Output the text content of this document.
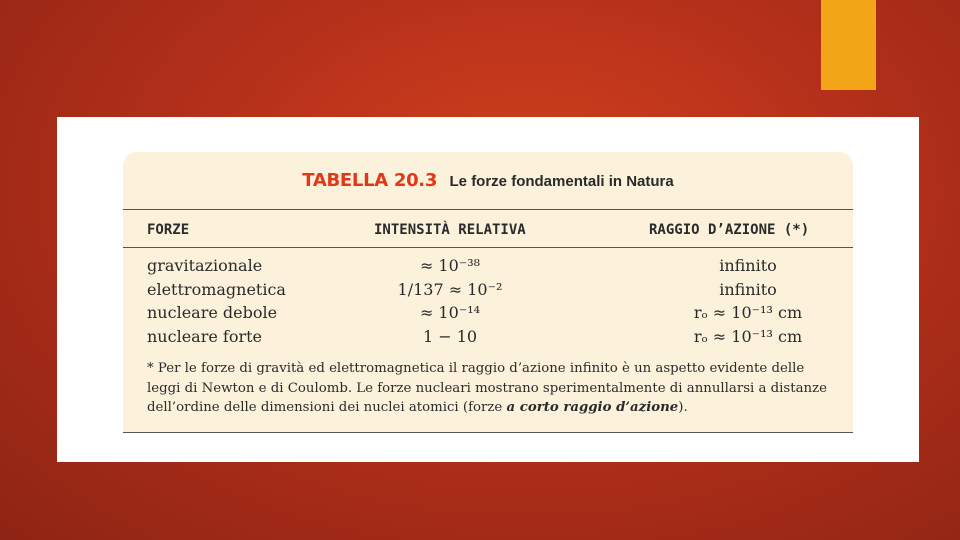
TABELLA 20.3 Le forze fondamentali in Natura
FORZE	INTENSITÀ RELATIVA	RAGGIO D’AZIONE (*)
gravitazionale	≈ 10⁻³⁸	infinito
elettromagnetica	1/137 ≈ 10⁻²	infinito
nucleare debole	≈ 10⁻¹⁴	rₒ ≈ 10⁻¹³ cm
nucleare forte	1 − 10	rₒ ≈ 10⁻¹³ cm
* Per le forze di gravità ed elettromagnetica il raggio d’azione infinito è un aspetto evidente delle leggi di Newton e di Coulomb. Le forze nucleari mostrano sperimentalmente di annullarsi a distanze dell’ordine delle dimensioni dei nuclei atomici (forze a corto raggio d’azione).
